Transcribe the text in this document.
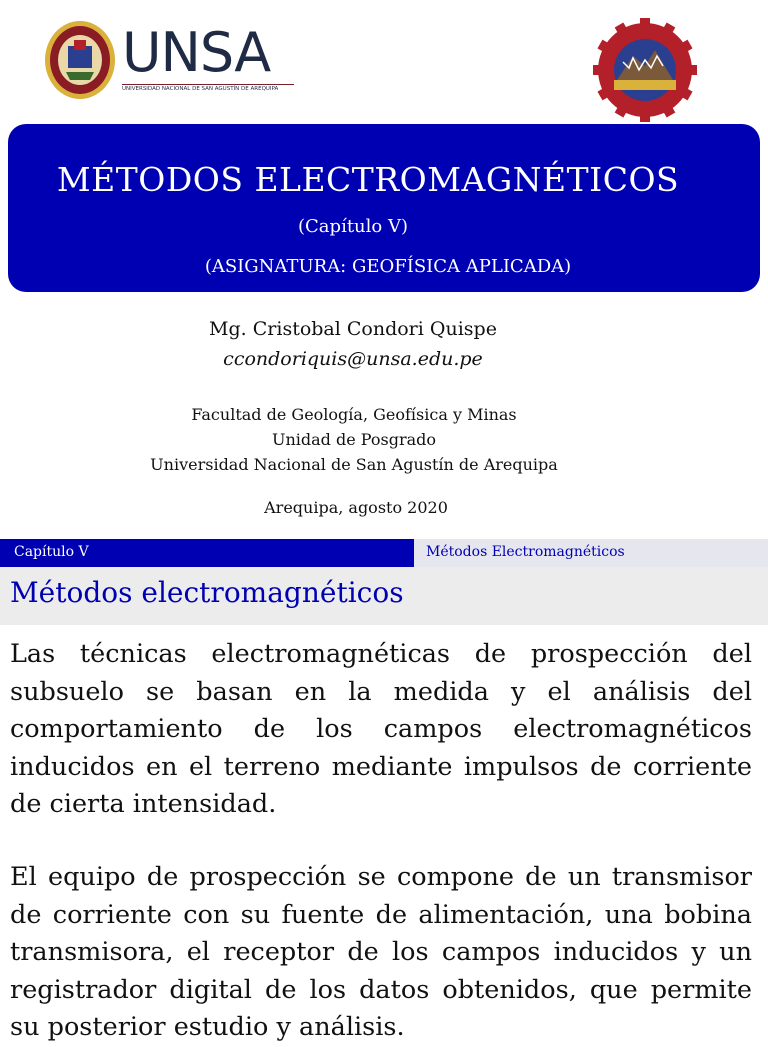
UNSA
UNIVERSIDAD NACIONAL DE SAN AGUSTÍN DE AREQUIPA
MÉTODOS ELECTROMAGNÉTICOS
(Capítulo V)
(ASIGNATURA: GEOFÍSICA APLICADA)
Mg. Cristobal Condori Quispe
ccondoriquis@unsa.edu.pe
Facultad de Geología, Geofísica y Minas
Unidad de Posgrado
Universidad Nacional de San Agustín de Arequipa
Arequipa, agosto 2020
Capítulo V	Métodos Electromagnéticos
Métodos electromagnéticos

Las técnicas electromagnéticas de prospección del subsuelo se basan en la medida y el análisis del comportamiento de los campos electromagnéticos inducidos en el terreno mediante impulsos de corriente de cierta intensidad.

El equipo de prospección se compone de un transmisor de corriente con su fuente de alimentación, una bobina transmisora, el receptor de los campos inducidos y un registrador digital de los datos obtenidos, que permite su posterior estudio y análisis.
